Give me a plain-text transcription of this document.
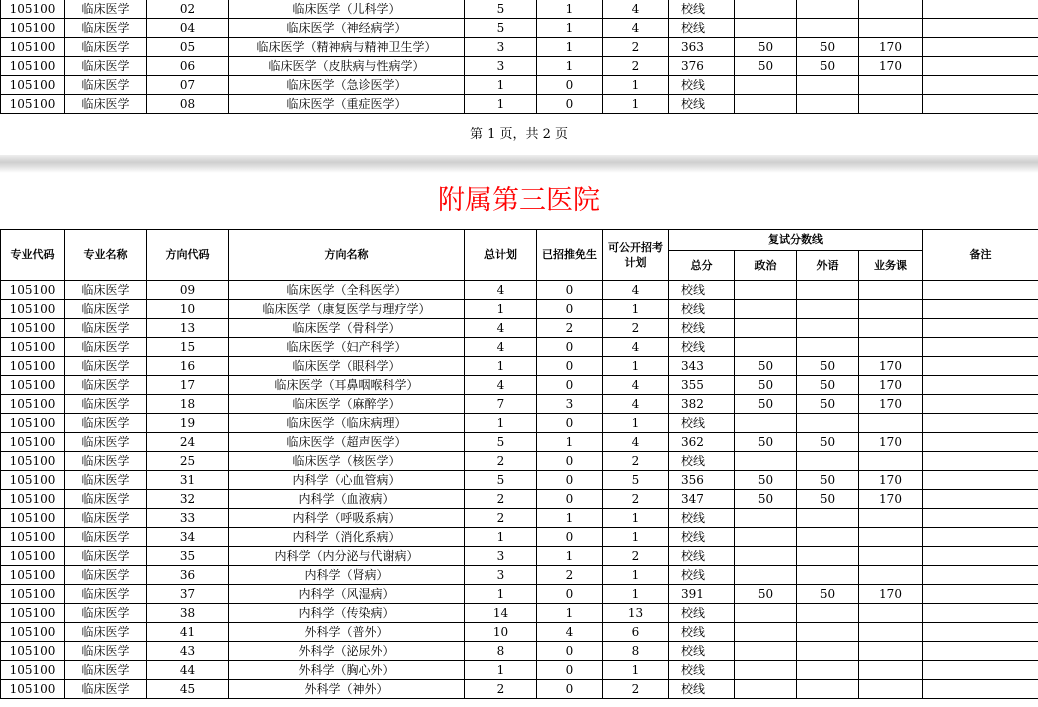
105100	临床医学	02	临床医学（儿科学）	5	1	4	校线				
105100	临床医学	04	临床医学（神经病学）	5	1	4	校线				
105100	临床医学	05	临床医学（精神病与精神卫生学）	3	1	2	363	50	50	170	
105100	临床医学	06	临床医学（皮肤病与性病学）	3	1	2	376	50	50	170	
105100	临床医学	07	临床医学（急诊医学）	1	0	1	校线				
105100	临床医学	08	临床医学（重症医学）	1	0	1	校线				
第 1 页，共 2 页
附属第三医院
专业代码	专业名称	方向代码	方向名称	总计划	已招推免生	可公开招考计划	复试分数线				备注
							总分	政治	外语	业务课	
105100	临床医学	09	临床医学（全科医学）	4	0	4	校线				
105100	临床医学	10	临床医学（康复医学与理疗学）	1	0	1	校线				
105100	临床医学	13	临床医学（骨科学）	4	2	2	校线				
105100	临床医学	15	临床医学（妇产科学）	4	0	4	校线				
105100	临床医学	16	临床医学（眼科学）	1	0	1	343	50	50	170	
105100	临床医学	17	临床医学（耳鼻咽喉科学）	4	0	4	355	50	50	170	
105100	临床医学	18	临床医学（麻醉学）	7	3	4	382	50	50	170	
105100	临床医学	19	临床医学（临床病理）	1	0	1	校线				
105100	临床医学	24	临床医学（超声医学）	5	1	4	362	50	50	170	
105100	临床医学	25	临床医学（核医学）	2	0	2	校线				
105100	临床医学	31	内科学（心血管病）	5	0	5	356	50	50	170	
105100	临床医学	32	内科学（血液病）	2	0	2	347	50	50	170	
105100	临床医学	33	内科学（呼吸系病）	2	1	1	校线				
105100	临床医学	34	内科学（消化系病）	1	0	1	校线				
105100	临床医学	35	内科学（内分泌与代谢病）	3	1	2	校线				
105100	临床医学	36	内科学（肾病）	3	2	1	校线				
105100	临床医学	37	内科学（风湿病）	1	0	1	391	50	50	170	
105100	临床医学	38	内科学（传染病）	14	1	13	校线				
105100	临床医学	41	外科学（普外）	10	4	6	校线				
105100	临床医学	43	外科学（泌尿外）	8	0	8	校线				
105100	临床医学	44	外科学（胸心外）	1	0	1	校线				
105100	临床医学	45	外科学（神外）	2	0	2	校线				
